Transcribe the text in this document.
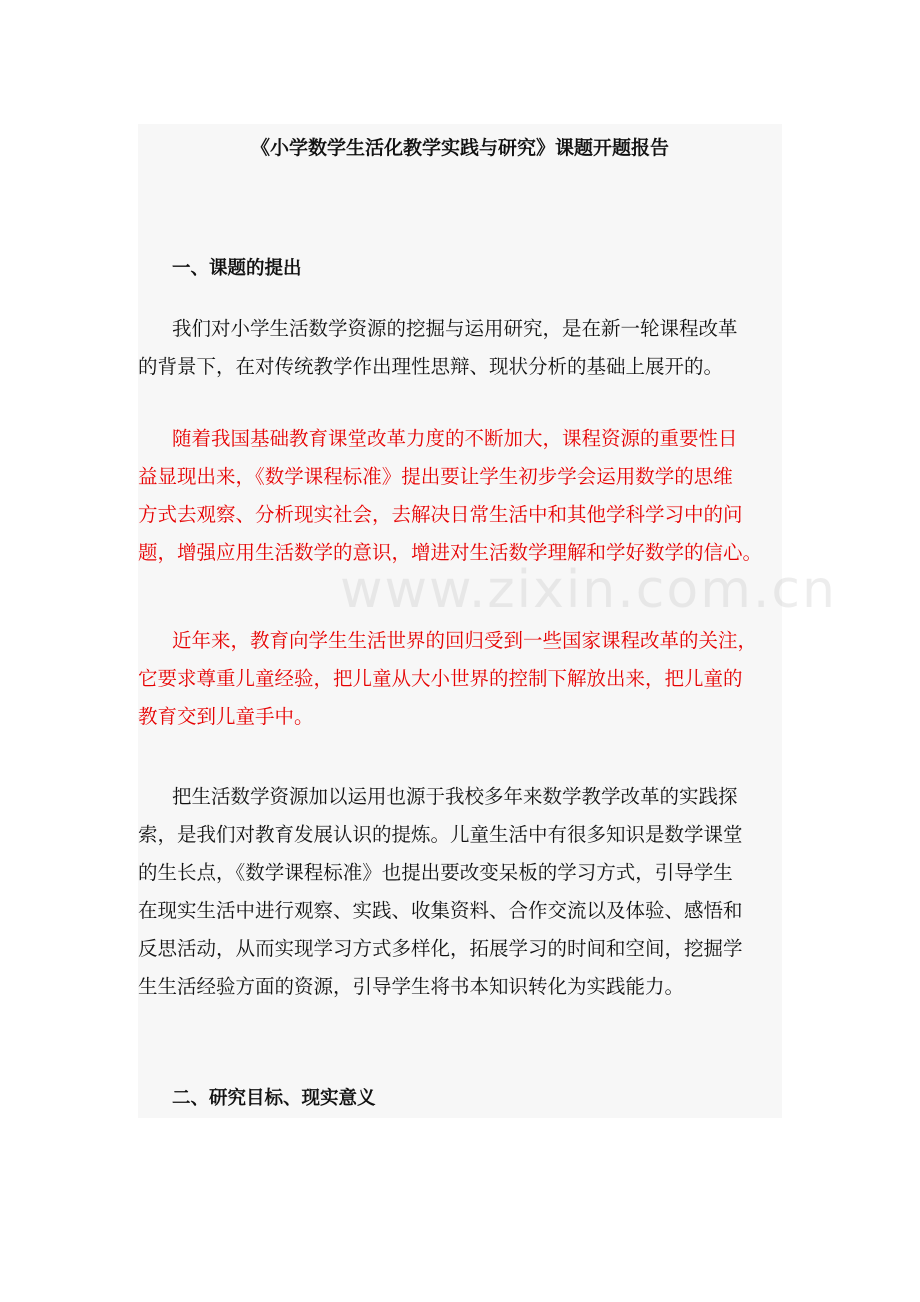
《小学数学生活化教学实践与研究》课题开题报告
一、课题的提出

我们对小学生活数学资源的挖掘与运用研究，是在新一轮课程改革
的背景下，在对传统教学作出理性思辩、现状分析的基础上展开的。

随着我国基础教育课堂改革力度的不断加大，课程资源的重要性日
益显现出来，《数学课程标准》提出要让学生初步学会运用数学的思维
方式去观察、分析现实社会，去解决日常生活中和其他学科学习中的问
题，增强应用生活数学的意识，增进对生活数学理解和学好数学的信心。

近年来，教育向学生生活世界的回归受到一些国家课程改革的关注，
它要求尊重儿童经验，把儿童从大小世界的控制下解放出来，把儿童的
教育交到儿童手中。

把生活数学资源加以运用也源于我校多年来数学教学改革的实践探
索，是我们对教育发展认识的提炼。儿童生活中有很多知识是数学课堂
的生长点，《数学课程标准》也提出要改变呆板的学习方式，引导学生
在现实生活中进行观察、实践、收集资料、合作交流以及体验、感悟和
反思活动，从而实现学习方式多样化，拓展学习的时间和空间，挖掘学
生生活经验方面的资源，引导学生将书本知识转化为实践能力。

二、研究目标、现实意义
www.zixin.com.cn
